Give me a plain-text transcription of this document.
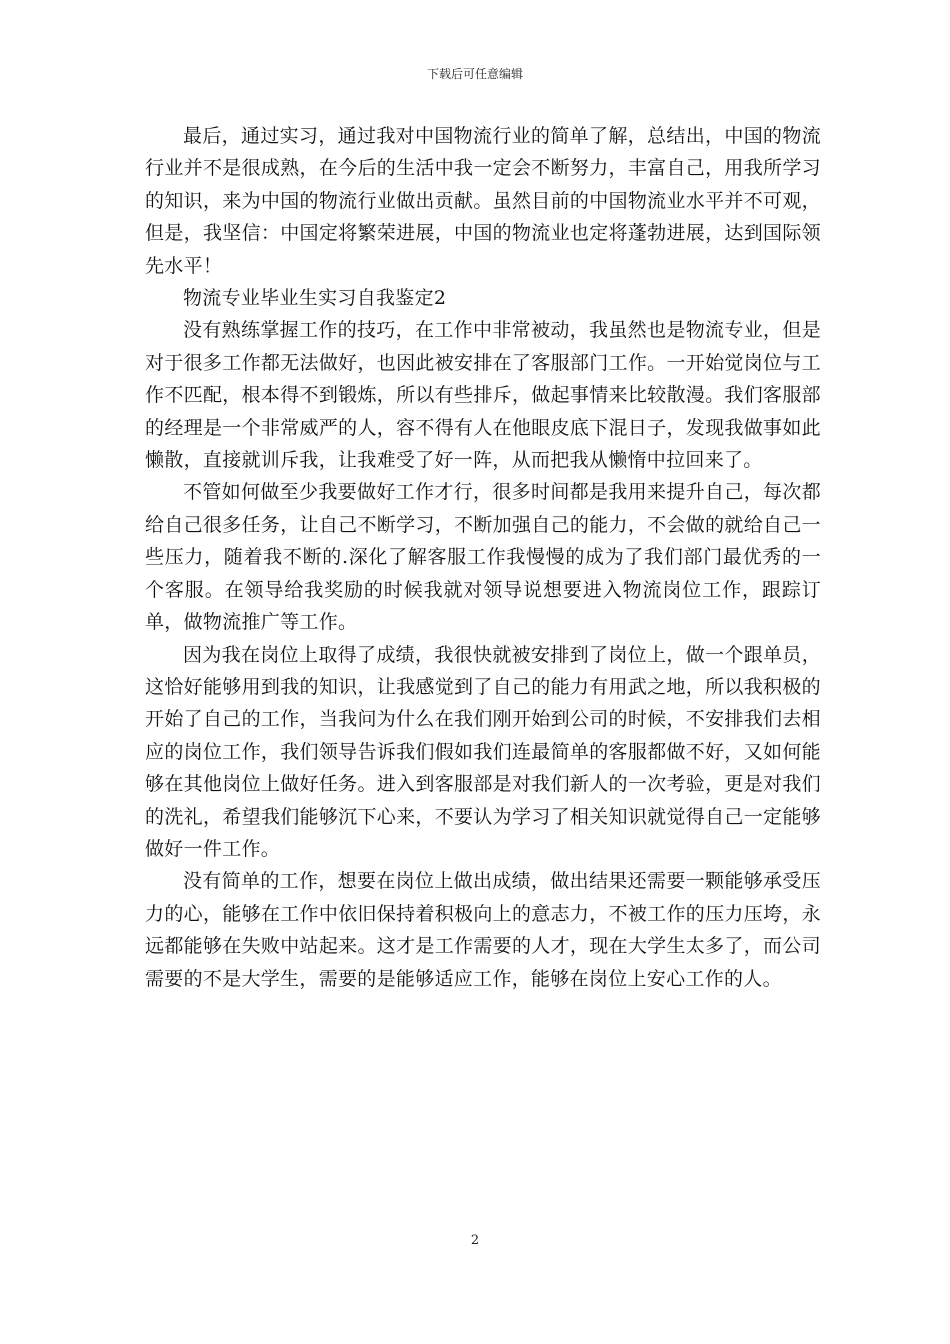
下载后可任意编辑

最后，通过实习，通过我对中国物流行业的简单了解，总结出，中国的物流行业并不是很成熟，在今后的生活中我一定会不断努力，丰富自己，用我所学习的知识，来为中国的物流行业做出贡献。虽然目前的中国物流业水平并不可观，但是，我坚信：中国定将繁荣进展，中国的物流业也定将蓬勃进展，达到国际领先水平！

物流专业毕业生实习自我鉴定2

没有熟练掌握工作的技巧，在工作中非常被动，我虽然也是物流专业，但是对于很多工作都无法做好，也因此被安排在了客服部门工作。一开始觉岗位与工作不匹配，根本得不到锻炼，所以有些排斥，做起事情来比较散漫。我们客服部的经理是一个非常威严的人，容不得有人在他眼皮底下混日子，发现我做事如此懒散，直接就训斥我，让我难受了好一阵，从而把我从懒惰中拉回来了。

不管如何做至少我要做好工作才行，很多时间都是我用来提升自己，每次都给自己很多任务，让自己不断学习，不断加强自己的能力，不会做的就给自己一些压力，随着我不断的.深化了解客服工作我慢慢的成为了我们部门最优秀的一个客服。在领导给我奖励的时候我就对领导说想要进入物流岗位工作，跟踪订单，做物流推广等工作。

因为我在岗位上取得了成绩，我很快就被安排到了岗位上，做一个跟单员，这恰好能够用到我的知识，让我感觉到了自己的能力有用武之地，所以我积极的开始了自己的工作，当我问为什么在我们刚开始到公司的时候，不安排我们去相应的岗位工作，我们领导告诉我们假如我们连最简单的客服都做不好，又如何能够在其他岗位上做好任务。进入到客服部是对我们新人的一次考验，更是对我们的洗礼，希望我们能够沉下心来，不要认为学习了相关知识就觉得自己一定能够做好一件工作。

没有简单的工作，想要在岗位上做出成绩，做出结果还需要一颗能够承受压力的心，能够在工作中依旧保持着积极向上的意志力，不被工作的压力压垮，永远都能够在失败中站起来。这才是工作需要的人才，现在大学生太多了，而公司需要的不是大学生，需要的是能够适应工作，能够在岗位上安心工作的人。

2
